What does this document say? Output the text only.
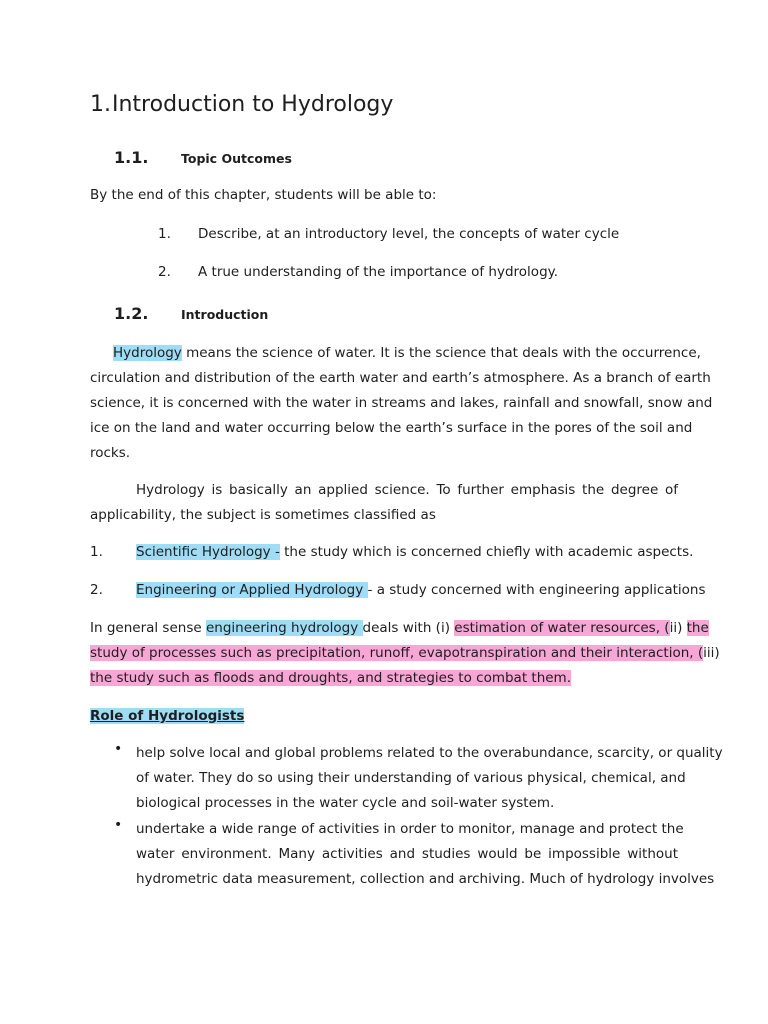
1.Introduction to Hydrology
1.1.	Topic Outcomes
By the end of this chapter, students will be able to:
1. Describe, at an introductory level, the concepts of water cycle
2. A true understanding of the importance of hydrology.
1.2.	Introduction
Hydrology means the science of water. It is the science that deals with the occurrence,
circulation and distribution of the earth water and earth’s atmosphere. As a branch of earth
science, it is concerned with the water in streams and lakes, rainfall and snowfall, snow and
ice on the land and water occurring below the earth’s surface in the pores of the soil and
rocks.
Hydrology is basically an applied science. To further emphasis the degree of
applicability, the subject is sometimes classified as
1. Scientific Hydrology - the study which is concerned chiefly with academic aspects.
2. Engineering or Applied Hydrology - a study concerned with engineering applications
In general sense engineering hydrology deals with (i) estimation of water resources, (ii) the
study of processes such as precipitation, runoff, evapotranspiration and their interaction, (iii)
the study such as floods and droughts, and strategies to combat them.
Role of Hydrologists
• help solve local and global problems related to the overabundance, scarcity, or quality
of water. They do so using their understanding of various physical, chemical, and
biological processes in the water cycle and soil-water system.
• undertake a wide range of activities in order to monitor, manage and protect the
water environment. Many activities and studies would be impossible without
hydrometric data measurement, collection and archiving. Much of hydrology involves
